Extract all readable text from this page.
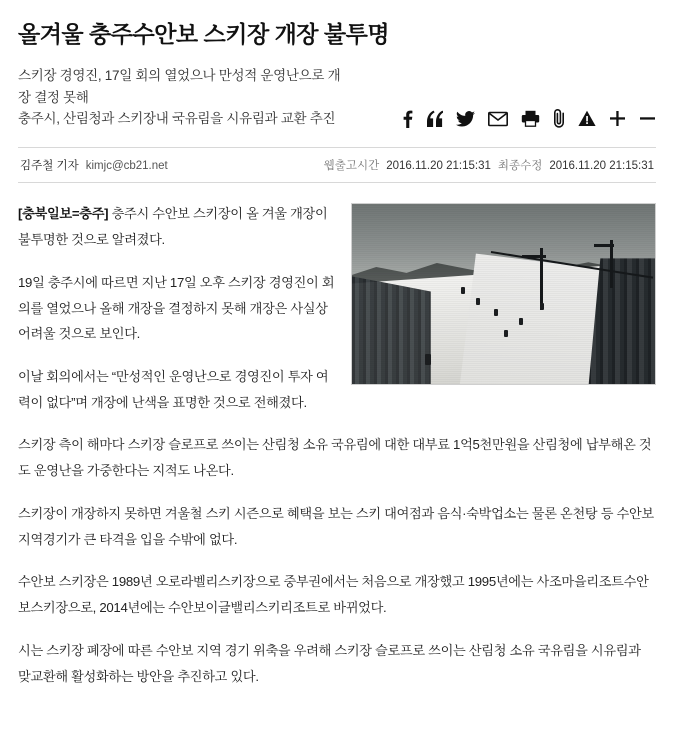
올겨울 충주수안보 스키장 개장 불투명
스키장 경영진, 17일 회의 열었으나 만성적 운영난으로 개
장 결정 못해
충주시, 산림청과 스키장내 국유림을 시유림과 교환 추진
김주철 기자 kimjc@cb21.net	웹출고시간 2016.11.20 21:15:31 최종수정 2016.11.20 21:15:31

[충북일보=충주] 충주시 수안보 스키장이 올 겨울 개장이 불투명한 것으로 알려졌다.

19일 충주시에 따르면 지난 17일 오후 스키장 경영진이 회의를 열었으나 올해 개장을 결정하지 못해 개장은 사실상 어려울 것으로 보인다.

이날 회의에서는 “만성적인 운영난으로 경영진이 투자 여력이 없다”며 개장에 난색을 표명한 것으로 전해졌다.

스키장 측이 해마다 스키장 슬로프로 쓰이는 산림청 소유 국유림에 대한 대부료 1억5천만원을 산림청에 납부해온 것도 운영난을 가중한다는 지적도 나온다.

스키장이 개장하지 못하면 겨울철 스키 시즌으로 혜택을 보는 스키 대여점과 음식·숙박업소는 물론 온천탕 등 수안보 지역경기가 큰 타격을 입을 수밖에 없다.

수안보 스키장은 1989년 오로라벨리스키장으로 중부권에서는 처음으로 개장했고 1995년에는 사조마을리조트수안보스키장으로, 2014년에는 수안보이글밸리스키리조트로 바뀌었다.

시는 스키장 폐장에 따른 수안보 지역 경기 위축을 우려해 스키장 슬로프로 쓰이는 산림청 소유 국유림을 시유림과 맞교환해 활성화하는 방안을 추진하고 있다.
